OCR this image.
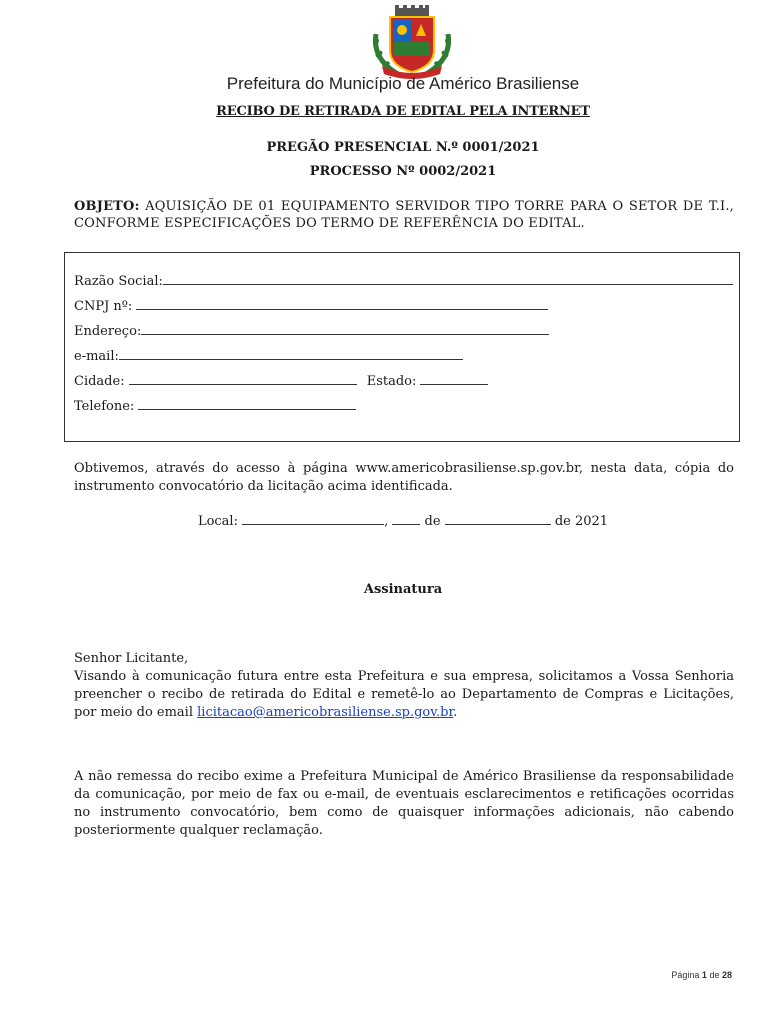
Prefeitura do Município de Américo Brasiliense
RECIBO DE RETIRADA DE EDITAL PELA INTERNET
PREGÃO PRESENCIAL N.º 0001/2021
PROCESSO Nº 0002/2021
OBJETO: AQUISIÇÃO DE 01 EQUIPAMENTO SERVIDOR TIPO TORRE PARA O SETOR DE T.I., CONFORME ESPECIFICAÇÕES DO TERMO DE REFERÊNCIA DO EDITAL.
Razão Social:
CNPJ nº:
Endereço:
e-mail:
Cidade:	Estado:
Telefone:
Obtivemos, através do acesso à página www.americobrasiliense.sp.gov.br, nesta data, cópia do instrumento convocatório da licitação acima identificada.
Local:	,	de	de 2021
Assinatura
Senhor Licitante,
Visando à comunicação futura entre esta Prefeitura e sua empresa, solicitamos a Vossa Senhoria preencher o recibo de retirada do Edital e remetê-lo ao Departamento de Compras e Licitações, por meio do email licitacao@americobrasiliense.sp.gov.br.
A não remessa do recibo exime a Prefeitura Municipal de Américo Brasiliense da responsabilidade da comunicação, por meio de fax ou e-mail, de eventuais esclarecimentos e retificações ocorridas no instrumento convocatório, bem como de quaisquer informações adicionais, não cabendo posteriormente qualquer reclamação.
Página 1 de 28
